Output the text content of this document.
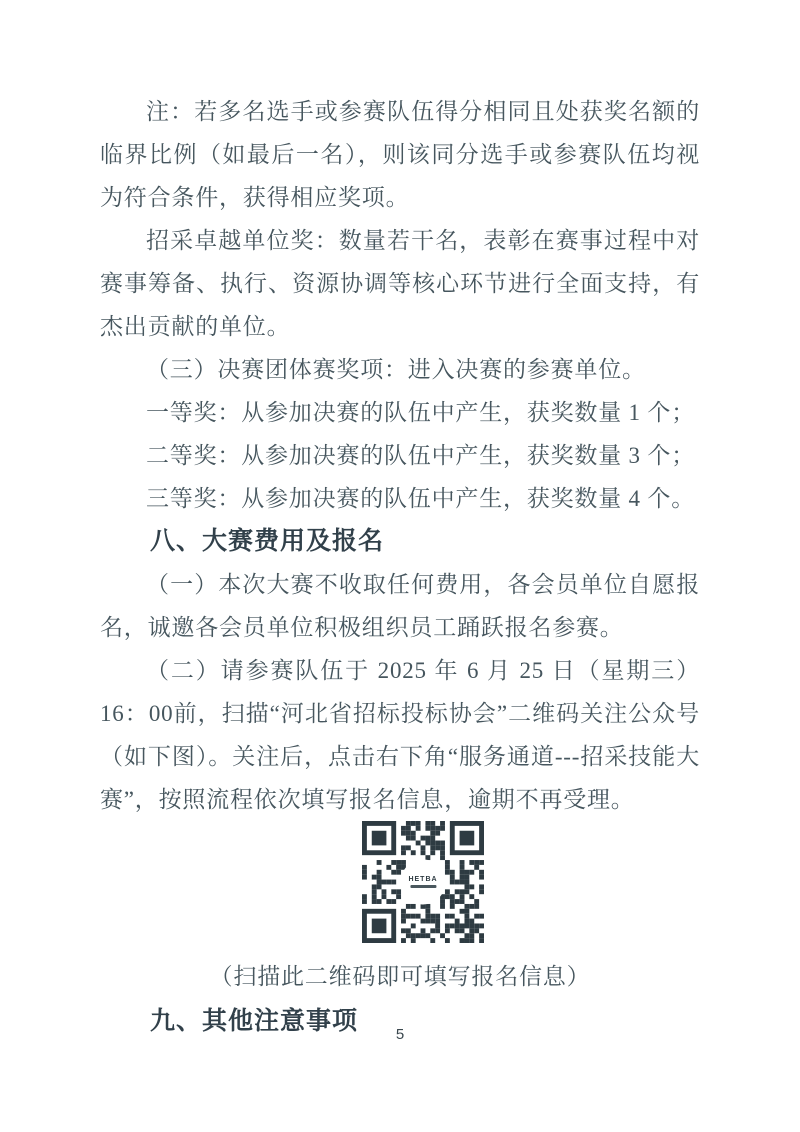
注：若多名选手或参赛队伍得分相同且处获奖名额的临界比例（如最后一名），则该同分选手或参赛队伍均视为符合条件，获得相应奖项。

招采卓越单位奖：数量若干名，表彰在赛事过程中对赛事筹备、执行、资源协调等核心环节进行全面支持，有杰出贡献的单位。

（三）决赛团体赛奖项：进入决赛的参赛单位。

一等奖：从参加决赛的队伍中产生，获奖数量 1 个；

二等奖：从参加决赛的队伍中产生，获奖数量 3 个；

三等奖：从参加决赛的队伍中产生，获奖数量 4 个。

八、大赛费用及报名

（一）本次大赛不收取任何费用，各会员单位自愿报名，诚邀各会员单位积极组织员工踊跃报名参赛。

（二）请参赛队伍于 2025 年 6 月 25 日（星期三）16：00前，扫描“河北省招标投标协会”二维码关注公众号（如下图）。关注后，点击右下角“服务通道---招采技能大赛”，按照流程依次填写报名信息，逾期不再受理。

HETBA

（扫描此二维码即可填写报名信息）

九、其他注意事项	5
